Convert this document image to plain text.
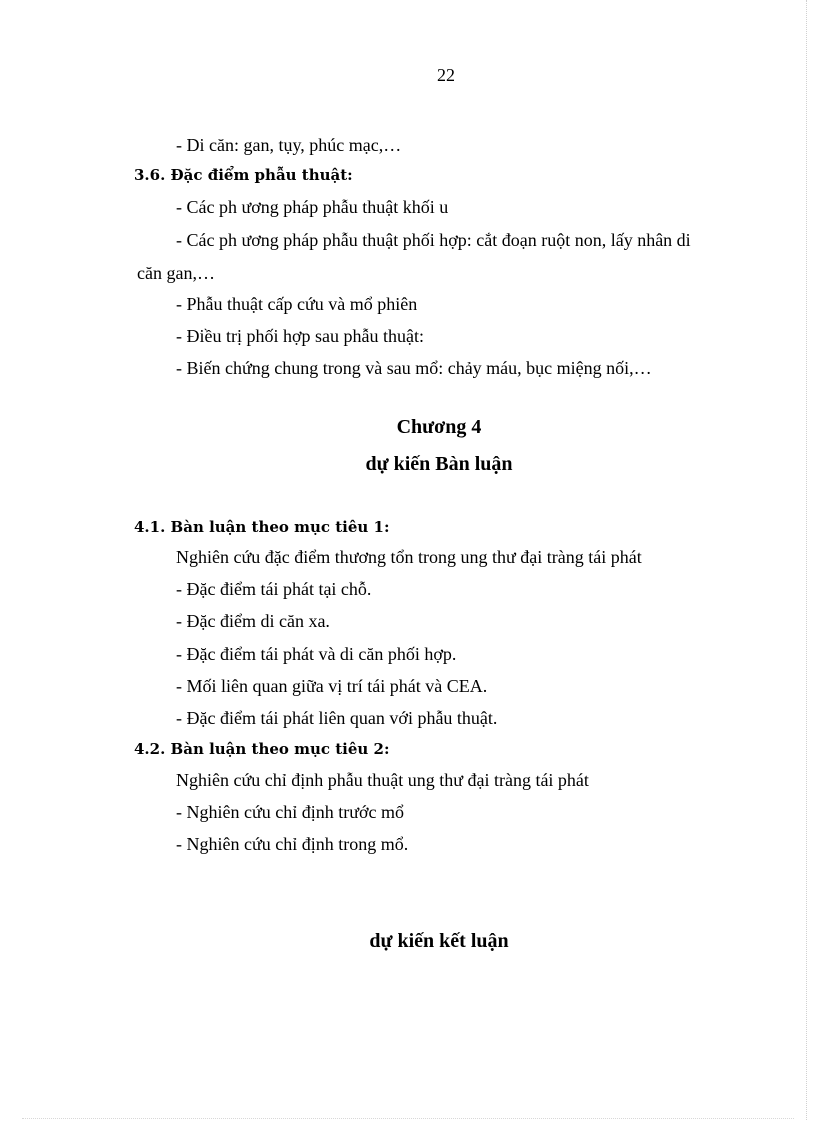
22
- Di căn: gan, tụy, phúc mạc,…
3.6. Đặc điểm phẫu thuật:
- Các ph ương pháp phẫu thuật khối u
- Các ph ương pháp phẫu thuật phối hợp: cắt đoạn ruột non, lấy nhân di
căn gan,…
- Phẫu thuật cấp cứu và mổ phiên
- Điều trị phối hợp sau phẫu thuật:
- Biến chứng chung trong và sau mổ: chảy máu, bục miệng nối,…
Chương 4
dự kiến Bàn luận
4.1. Bàn luận theo mục tiêu 1:
Nghiên cứu đặc điểm thương tổn trong ung thư đại tràng tái phát
- Đặc điểm tái phát tại chỗ.
- Đặc điểm di căn xa.
- Đặc điểm tái phát và di căn phối hợp.
- Mối liên quan giữa vị trí tái phát và CEA.
- Đặc điểm tái phát liên quan với phẫu thuật.
4.2. Bàn luận theo mục tiêu 2:
Nghiên cứu chỉ định phẫu thuật ung thư đại tràng tái phát
- Nghiên cứu chỉ định trước mổ
- Nghiên cứu chỉ định trong mổ.
dự kiến kết luận
